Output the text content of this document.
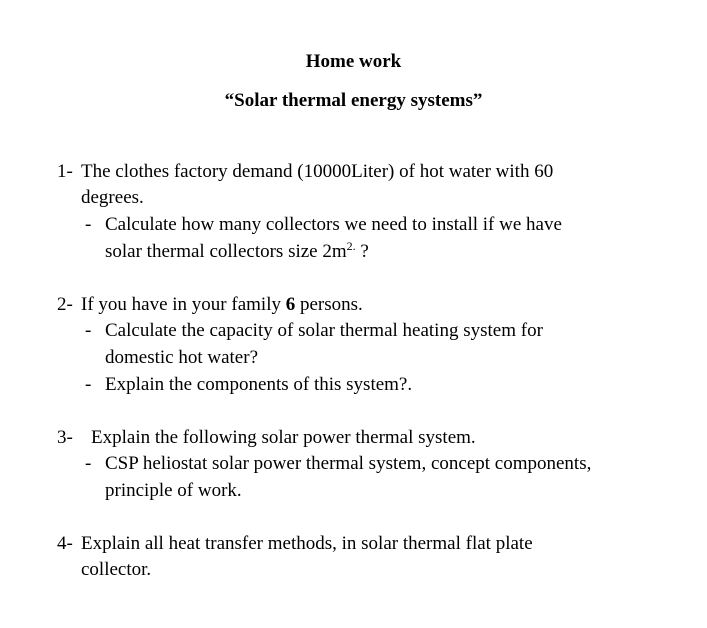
Home work
“Solar thermal energy systems”
1- The clothes factory demand (10000Liter) of hot water with 60
degrees.
- Calculate how many collectors we need to install if we have
solar thermal collectors size $2m^{2.}$ ?
2- If you have in your family 6 persons.
- Calculate the capacity of solar thermal heating system for
domestic hot water?
- Explain the components of this system?.
3- Explain the following solar power thermal system.
- CSP heliostat solar power thermal system, concept components,
principle of work.
4- Explain all heat transfer methods, in solar thermal flat plate
collector.
